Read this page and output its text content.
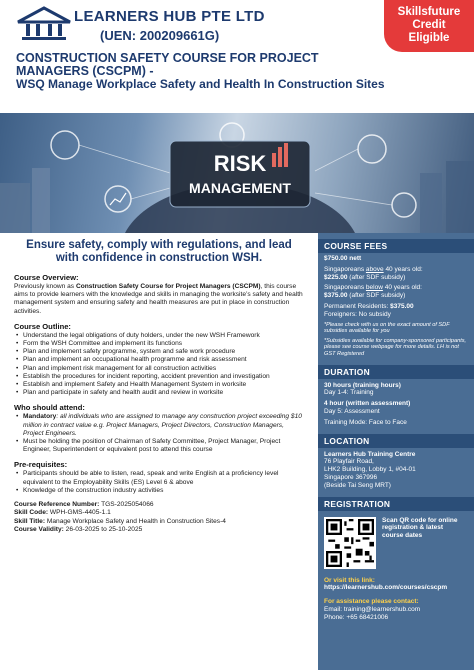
LEARNERS HUB PTE LTD
(UEN: 200209661G)
Skillsfuture
Credit
Eligible
CONSTRUCTION SAFETY COURSE FOR PROJECT MANAGERS (CSCPM) -
WSQ Manage Workplace Safety and Health In Construction Sites
RISK
MANAGEMENT
Ensure safety, comply with regulations, and lead with confidence in construction WSH.
Course Overview:
Previously known as Construction Safety Course for Project Managers (CSCPM), this course aims to provide learners with the knowledge and skills in managing the worksite’s safety and health management system and ensuring safety and health measures are put in place in construction activities.
Course Outline:
• Understand the legal obligations of duty holders, under the new WSH Framework
• Form the WSH Committee and implement its functions
• Plan and implement safety programme, system and safe work procedure
• Plan and implement an occupational health programme and risk assessment
• Plan and implement risk management for all construction activities
• Establish the procedures for incident reporting, accident prevention and investigation
• Establish and implement Safety and Health Management System in worksite
• Plan and participate in safety and health audit and review in worksite
Who should attend:
• Mandatory: all individuals who are assigned to manage any construction project exceeding $10 million in contract value e.g. Project Managers, Project Directors, Construction Managers, Project Engineers.
• Must be holding the position of Chairman of Safety Committee, Project Manager, Project Engineer, Superintendent or equivalent post to attend this course
Pre-requisites:
• Participants should be able to listen, read, speak and write English at a proficiency level equivalent to the Employability Skills (ES) Level 6 & above
• Knowledge of the construction industry activities
Course Reference Number: TGS-2025054066
Skill Code: WPH-GMS-4405-1.1
Skill Title: Manage Workplace Safety and Health in Construction Sites-4
Course Validity: 26-03-2025 to 25-10-2025
COURSE FEES
$750.00 nett
Singaporeans above 40 years old:
$225.00 (after SDF subsidy)
Singaporeans below 40 years old:
$375.00 (after SDF subsidy)
Permanent Residents: $375.00
Foreigners: No subsidy
*Please check with us on the exact amount of SDF subsidies available for you
*Subsidies available for company-sponsored participants, please see course webpage for more details. LH is not GST Registered
DURATION
30 hours (training hours)
Day 1-4: Training
4 hour (written assessment)
Day 5: Assessment
Training Mode: Face to Face
LOCATION
Learners Hub Training Centre
76 Playfair Road,
LHK2 Building, Lobby 1, #04-01
Singapore 367996
(Beside Tai Seng MRT)
REGISTRATION
Scan QR code for online registration & latest course dates
Or visit this link:
https://learnershub.com/courses/cscpm
For assistance please contact:
Email: training@learnershub.com
Phone: +65 68421006
